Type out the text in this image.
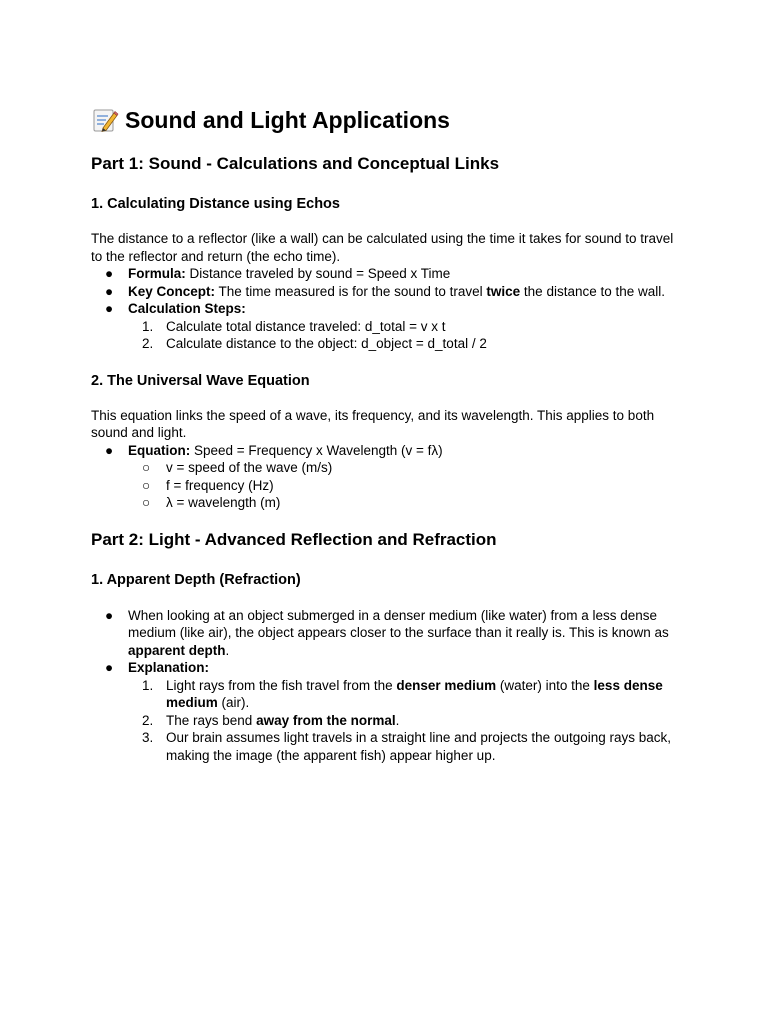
Sound and Light Applications
Part 1: Sound - Calculations and Conceptual Links
1. Calculating Distance using Echos

The distance to a reflector (like a wall) can be calculated using the time it takes for sound to travel to the reflector and return (the echo time).

● Formula: Distance traveled by sound = Speed x Time
● Key Concept: The time measured is for the sound to travel twice the distance to the wall.
● Calculation Steps:
1. Calculate total distance traveled: d_total = v x t
2. Calculate distance to the object: d_object = d_total / 2
2. The Universal Wave Equation

This equation links the speed of a wave, its frequency, and its wavelength. This applies to both sound and light.

● Equation: Speed = Frequency x Wavelength (v = fλ)
○ v = speed of the wave (m/s)
○ f = frequency (Hz)
○ λ = wavelength (m)
Part 2: Light - Advanced Reflection and Refraction
1. Apparent Depth (Refraction)
● When looking at an object submerged in a denser medium (like water) from a less dense medium (like air), the object appears closer to the surface than it really is. This is known as apparent depth.
● Explanation:
1. Light rays from the fish travel from the denser medium (water) into the less dense medium (air).
2. The rays bend away from the normal.
3. Our brain assumes light travels in a straight line and projects the outgoing rays back, making the image (the apparent fish) appear higher up.
